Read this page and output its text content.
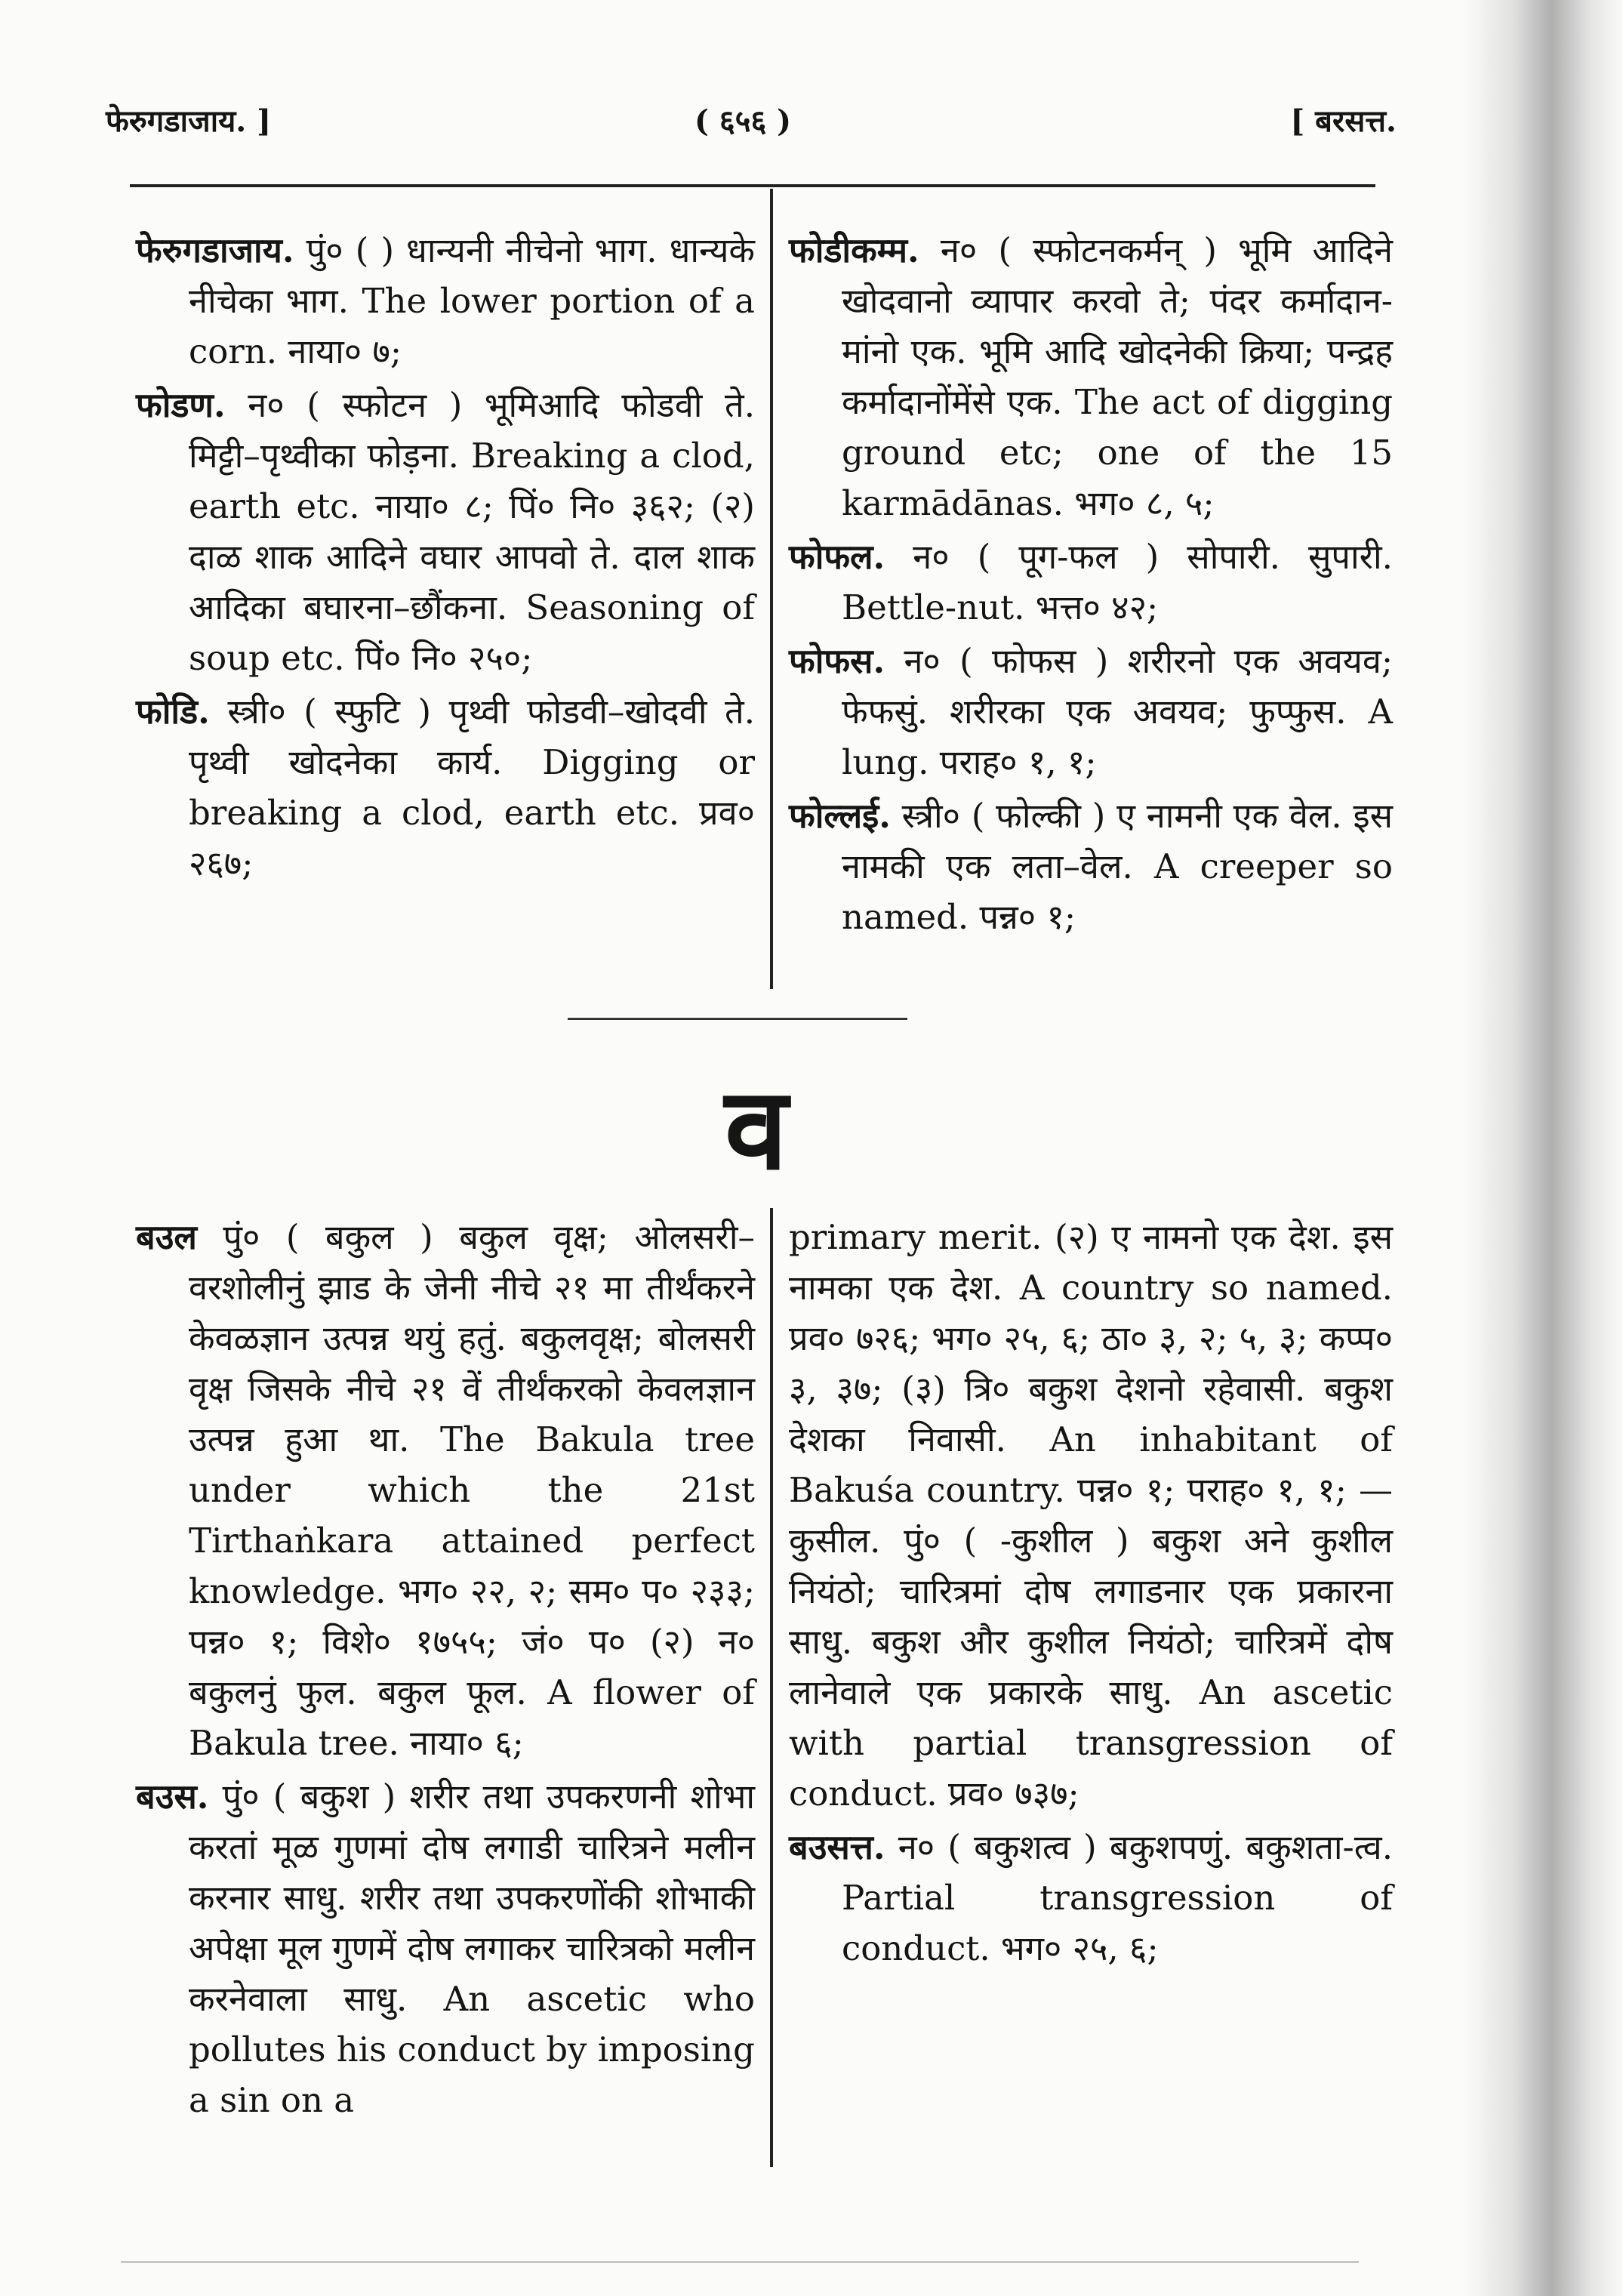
फेरुगडाजाय. ]	( ६५६ )	[ बरसत्त.

फेरुगडाजाय. पुं० ( ) धान्यनी नीचेनो भाग. धान्यके नीचेका भाग. The lower portion of a corn. नाया० ७;

फोडण. न० ( स्फोटन ) भूमिआदि फोडवी ते. मिट्टी–पृथ्वीका फोड़ना. Breaking a clod, earth etc. नाया० ८; पिं० नि० ३६२; (२) दाळ शाक आदिने वघार आपवो ते. दाल शाक आदिका बघारना–छौंकना. Seasoning of soup etc. पिं० नि० २५०;

फोडि. स्त्री० ( स्फुटि ) पृथ्वी फोडवी–खोदवी ते. पृथ्वी खोदनेका कार्य. Digging or breaking a clod, earth etc. प्रव० २६७;

फोडीकम्म. न० ( स्फोटनकर्मन् ) भूमि आदिने खोदवानो व्यापार करवो ते; पंदर कर्मादान-मांनो एक. भूमि आदि खोदनेकी क्रिया; पन्द्रह कर्मादानोंमेंसे एक. The act of digging ground etc; one of the 15 karmādānas. भग० ८, ५;

फोफल. न० ( पूग-फल ) सोपारी. सुपारी. Bettle-nut. भत्त० ४२;

फोफस. न० ( फोफस ) शरीरनो एक अवयव; फेफसुं. शरीरका एक अवयव; फुप्फुस. A lung. पराह० १, १;

फोल्लई. स्त्री० ( फोल्की ) ए नामनी एक वेल. इस नामकी एक लता–वेल. A creeper so named. पन्न० १;

व

बउल पुं० ( बकुल ) बकुल वृक्ष; ओलसरी–वरशोलीनुं झाड के जेनी नीचे २१ मा तीर्थंकरने केवळज्ञान उत्पन्न थयुं हतुं. बकुलवृक्ष; बोलसरी वृक्ष जिसके नीचे २१ वें तीर्थंकरको केवलज्ञान उत्पन्न हुआ था. The Bakula tree under which the 21st Tirthaṅkara attained perfect knowledge. भग० २२, २; सम० प० २३३; पन्न० १; विशे० १७५५; जं० प० (२) न० बकुलनुं फुल. बकुल फूल. A flower of Bakula tree. नाया० ६;

बउस. पुं० ( बकुश ) शरीर तथा उपकरणनी शोभा करतां मूळ गुणमां दोष लगाडी चारित्रने मलीन करनार साधु. शरीर तथा उपकरणोंकी शोभाकी अपेक्षा मूल गुणमें दोष लगाकर चारित्रको मलीन करनेवाला साधु. An ascetic who pollutes his conduct by imposing a sin on a

primary merit. (२) ए नामनो एक देश. इस नामका एक देश. A country so named. प्रव० ७२६; भग० २५, ६; ठा० ३, २; ५, ३; कप्प० ३, ३७; (३) त्रि० बकुश देशनो रहेवासी. बकुश देशका निवासी. An inhabitant of Bakuśa country. पन्न० १; पराह० १, १; —कुसील. पुं० ( -कुशील ) बकुश अने कुशील नियंठो; चारित्रमां दोष लगाडनार एक प्रकारना साधु. बकुश और कुशील नियंठो; चारित्रमें दोष लानेवाले एक प्रकारके साधु. An ascetic with partial transgression of conduct. प्रव० ७३७;

बउसत्त. न० ( बकुशत्व ) बकुशपणुं. बकुशता-त्व. Partial transgression of conduct. भग० २५, ६;
